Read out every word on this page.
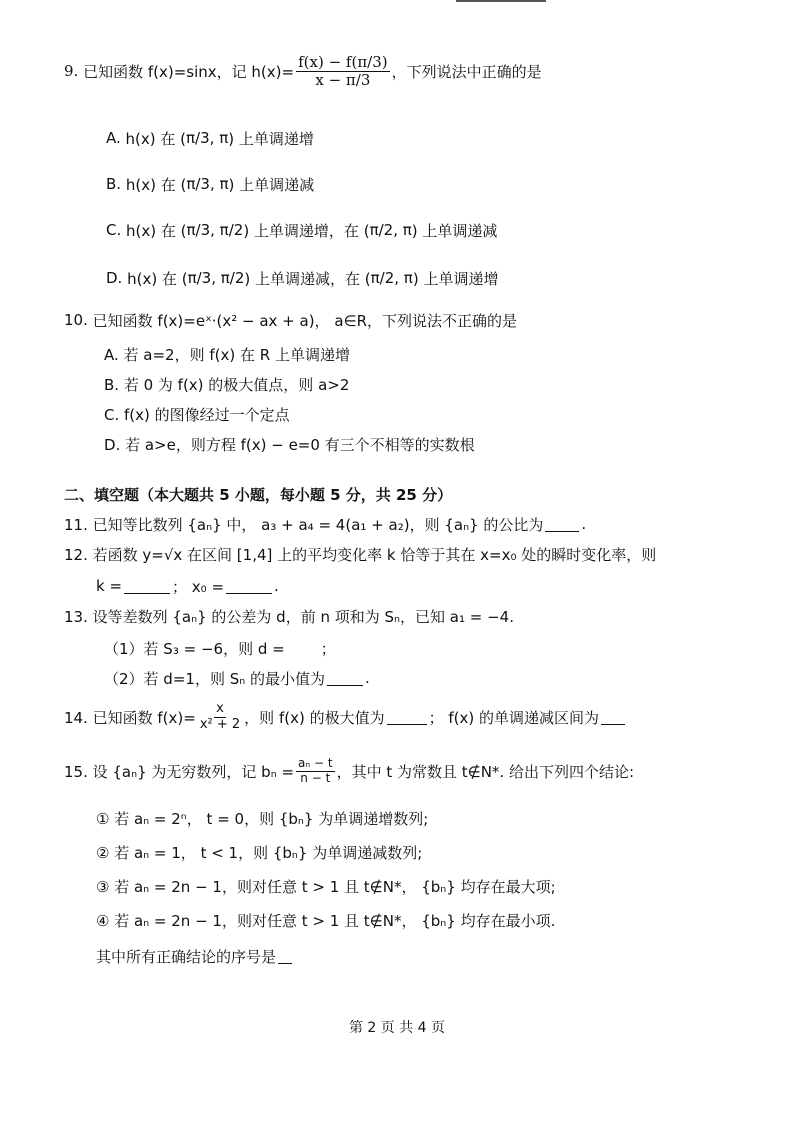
9.
已知函数 f(x)=sinx，记 $h(x)= \frac{f(x) - f(\pi/3)}{x - \pi/3}$ ，下列说法中正确的是
A.
h(x) 在 ( π/3, π ) 上单调递增
B.
h(x) 在 ( π/3, π ) 上单调递减
C.
h(x) 在 ( π/3, π/2 ) 上单调递增，在 ( π/2, π ) 上单调递减
D.
h(x) 在 ( π/3, π/2 ) 上单调递减，在 ( π/2, π ) 上单调递增
10.
已知函数 f(x)=eˣ·(x² − ax + a)， a∈R，下列说法不正确的是
A. 若 a=2，则 f(x) 在 R 上单调递增
B. 若 0 为 f(x) 的极大值点，则 a>2
C. f(x) 的图像经过一个定点
D. 若 a>e，则方程 f(x) − e=0 有三个不相等的实数根
二、填空题（本大题共 5 小题，每小题 5 分，共 25 分）
11. 已知等比数列 {aₙ} 中， a₃ + a₄ = 4(a₁ + a₂)，则 {aₙ} 的公比为	.
12. 若函数 y=√x 在区间 [1,4] 上的平均变化率 k 恰等于其在 x=x₀ 处的瞬时变化率，则
k =	； x₀ =	.
13. 设等差数列 {aₙ} 的公差为 d，前 n 项和为 Sₙ，已知 a₁ = −4.
（1）若 S₃ = −6，则 d = ；
（2）若 d=1，则 Sₙ 的最小值为	.
14. 已知函数 $f(x)= \frac{x}{\text{x² + 2}}$ ，则 f(x) 的极大值为	； f(x) 的单调递减区间为
15. 设 {aₙ} 为无穷数列，记 $b_n = \frac{\text{aₙ − t}}{n - t}$ ，其中 t 为常数且 t∉N*. 给出下列四个结论:
① 若 aₙ = 2ⁿ， t = 0，则 {bₙ} 为单调递增数列;
② 若 aₙ = 1， t < 1，则 {bₙ} 为单调递减数列;
③ 若 aₙ = 2n − 1，则对任意 t > 1 且 t∉N*， {bₙ} 均存在最大项;
④ 若 aₙ = 2n − 1，则对任意 t > 1 且 t∉N*， {bₙ} 均存在最小项.
其中所有正确结论的序号是
第 2 页 共 4 页
